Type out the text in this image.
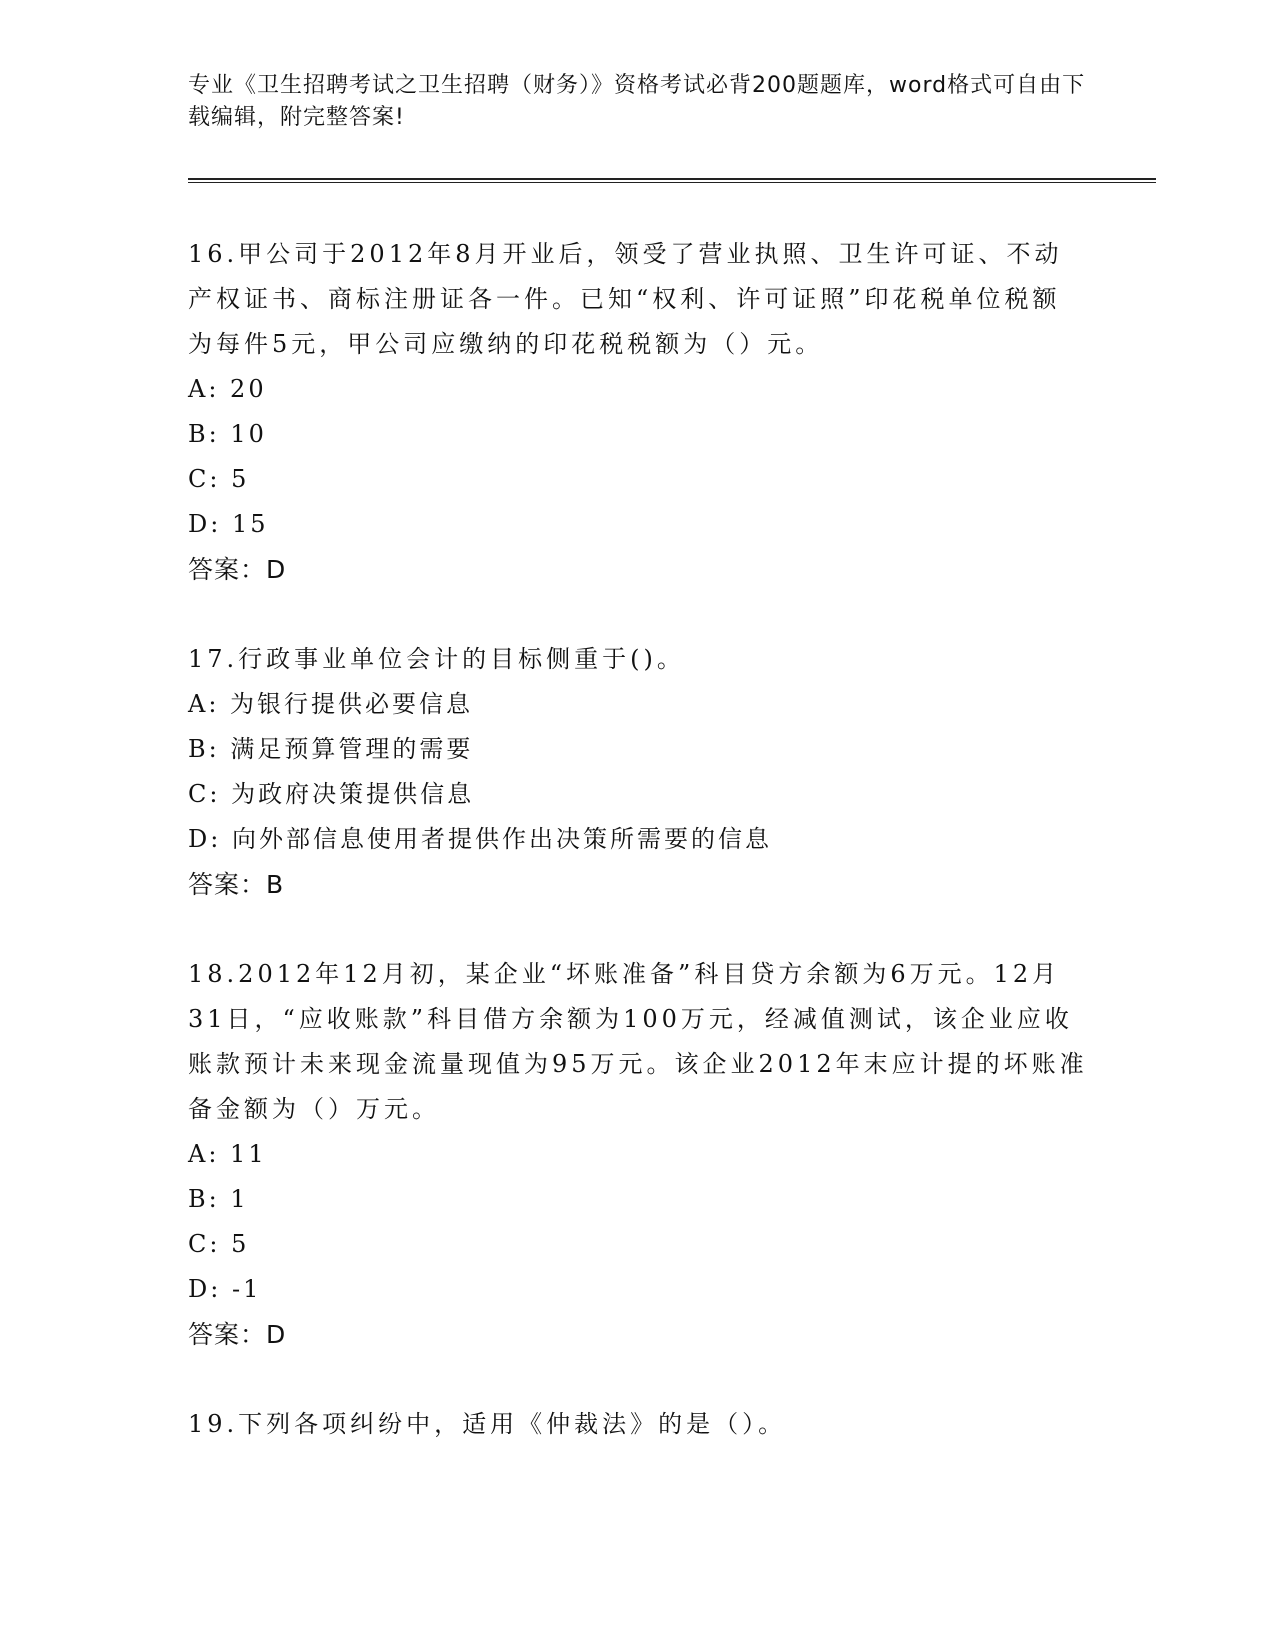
专业《卫生招聘考试之卫生招聘（财务）》资格考试必背200题题库，word格式可自由下载编辑，附完整答案!

16.甲公司于2012年8月开业后，领受了营业执照、卫生许可证、不动产权证书、商标注册证各一件。已知“权利、许可证照”印花税单位税额为每件5元，甲公司应缴纳的印花税税额为（）元。

A: 20
B: 10
C: 5
D: 15
答案：D

17.行政事业单位会计的目标侧重于()。

A: 为银行提供必要信息
B: 满足预算管理的需要
C: 为政府决策提供信息
D: 向外部信息使用者提供作出决策所需要的信息
答案：B

18.2012年12月初，某企业“坏账准备”科目贷方余额为6万元。12月31日，“应收账款”科目借方余额为100万元，经减值测试，该企业应收账款预计未来现金流量现值为95万元。该企业2012年末应计提的坏账准备金额为（）万元。

A: 11
B: 1
C: 5
D: -1
答案：D

19.下列各项纠纷中，适用《仲裁法》的是（）。
